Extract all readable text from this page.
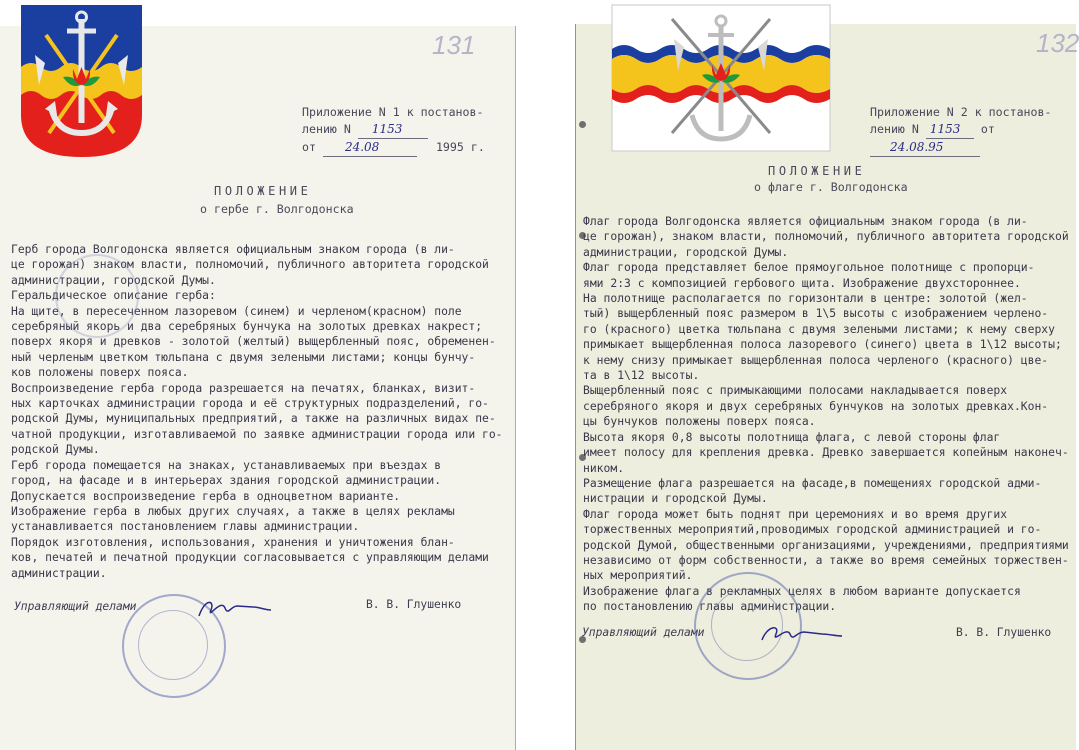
131
Приложение N 1 к постанов-
лению N 1153
от 24.08	1995 г.
ПОЛОЖЕНИЕ
о гербе г. Волгодонска
Герб города Волгодонска является официальным знаком города (в ли-
це горожан) знаком власти, полномочий, публичного авторитета городской
администрации, городской Думы.
Геральдическое описание герба:
На щите, в пересеченном лазоревом (синем) и черленом(красном) поле
серебряный якорь и два серебряных бунчука на золотых древках накрест;
поверх якоря и древков - золотой (желтый) выщербленный пояс, обременен-
ный черленым цветком тюльпана с двумя зелеными листами; концы бунчу-
ков положены поверх пояса.
Воспроизведение герба города разрешается на печатях, бланках, визит-
ных карточках администрации города и её структурных подразделений, го-
родской Думы, муниципальных предприятий, а также на различных видах пе-
чатной продукции, изготавливаемой по заявке администрации города или го-
родской Думы.
Герб города помещается на знаках, устанавливаемых при въездах в
город, на фасаде и в интерьерах здания городской администрации.
Допускается воспроизведение герба в одноцветном варианте.
Изображение герба в любых других случаях, а также в целях рекламы
устанавливается постановлением главы администрации.
Порядок изготовления, использования, хранения и уничтожения блан-
ков, печатей и печатной продукции согласовывается с управляющим делами
администрации.
Управляющий делами	В. В. Глушенко
132
Приложение N 2 к постанов-
лению N 1153 от 24.08.95
ПОЛОЖЕНИЕ
о флаге г. Волгодонска
Флаг города Волгодонска является официальным знаком города (в ли-
це горожан), знаком власти, полномочий, публичного авторитета городской
администрации, городской Думы.
Флаг города представляет белое прямоугольное полотнище с пропорци-
ями 2:3 с композицией гербового щита. Изображение двухстороннее.
На полотнище располагается по горизонтали в центре: золотой (жел-
тый) выщербленный пояс размером в 1\5 высоты с изображением черлено-
го (красного) цветка тюльпана с двумя зелеными листами; к нему сверху
примыкает выщербленная полоса лазоревого (синего) цвета в 1\12 высоты;
к нему снизу примыкает выщербленная полоса черленого (красного) цве-
та в 1\12 высоты.
Выщербленный пояс с примыкающими полосами накладывается поверх
серебряного якоря и двух серебряных бунчуков на золотых древках.Кон-
цы бунчуков положены поверх пояса.
Высота якоря 0,8 высоты полотнища флага, с левой стороны флаг
имеет полосу для крепления древка. Древко завершается копейным наконеч-
ником.
Размещение флага разрешается на фасаде,в помещениях городской адми-
нистрации и городской Думы.
Флаг города может быть поднят при церемониях и во время других
торжественных мероприятий,проводимых городской администрацией и го-
родской Думой, общественными организациями, учреждениями, предприятиями
независимо от форм собственности, а также во время семейных торжествен-
ных мероприятий.
Изображение флага в рекламных целях в любом варианте допускается
по постановлению главы администрации.
Управляющий делами	В. В. Глушенко
